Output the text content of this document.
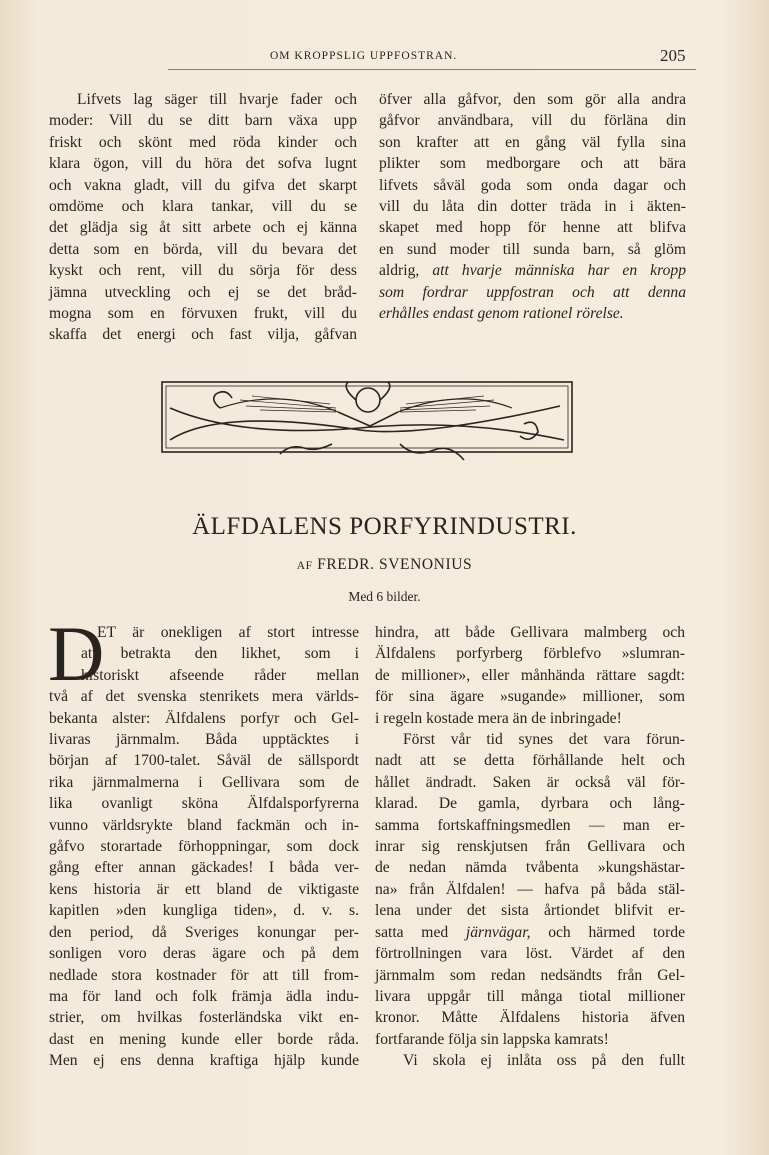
OM KROPPSLIG UPPFOSTRAN.	205
Lifvets lag säger till hvarje fader och
moder: Vill du se ditt barn växa upp
friskt och skönt med röda kinder och
klara ögon, vill du höra det sofva lugnt
och vakna gladt, vill du gifva det skarpt
omdöme och klara tankar, vill du se
det glädja sig åt sitt arbete och ej känna
detta som en börda, vill du bevara det
kyskt och rent, vill du sörja för dess
jämna utveckling och ej se det bråd-
mogna som en förvuxen frukt, vill du
skaffa det energi och fast vilja, gåfvan
öfver alla gåfvor, den som gör alla andra
gåfvor användbara, vill du förläna din
son krafter att en gång väl fylla sina
plikter som medborgare och att bära
lifvets såväl goda som onda dagar och
vill du låta din dotter träda in i äkten-
skapet med hopp för henne att blifva
en sund moder till sunda barn, så glöm
aldrig, att hvarje människa har en kropp
som fordrar uppfostran och att denna
erhålles endast genom rationel rörelse.
ÄLFDALENS PORFYRINDUSTRI.
AF FREDR. SVENONIUS
Med 6 bilder.
D
ET är onekligen af stort intresse
att betrakta den likhet, som i
historiskt afseende råder mellan
två af det svenska stenrikets mera världs-
bekanta alster: Älfdalens porfyr och Gel-
livaras järnmalm. Båda upptäcktes i
början af 1700-talet. Såväl de sällspordt
rika järnmalmerna i Gellivara som de
lika ovanligt sköna Älfdalsporfyrerna
vunno världsrykte bland fackmän och in-
gåfvo storartade förhoppningar, som dock
gång efter annan gäckades! I båda ver-
kens historia är ett bland de viktigaste
kapitlen »den kungliga tiden», d. v. s.
den period, då Sveriges konungar per-
sonligen voro deras ägare och på dem
nedlade stora kostnader för att till from-
ma för land och folk främja ädla indu-
strier, om hvilkas fosterländska vikt en-
dast en mening kunde eller borde råda.
Men ej ens denna kraftiga hjälp kunde
hindra, att både Gellivara malmberg och
Älfdalens porfyrberg förblefvo »slumran-
de millioner», eller månhända rättare sagdt:
för sina ägare »sugande» millioner, som
i regeln kostade mera än de inbringade!
Först vår tid synes det vara förun-
nadt att se detta förhållande helt och
hållet ändradt. Saken är också väl för-
klarad. De gamla, dyrbara och lång-
samma fortskaffningsmedlen — man er-
inrar sig renskjutsen från Gellivara och
de nedan nämda tvåbenta »kungshästar-
na» från Älfdalen! — hafva på båda stäl-
lena under det sista årtiondet blifvit er-
satta med järnvägar, och härmed torde
förtrollningen vara löst. Värdet af den
järnmalm som redan nedsändts från Gel-
livara uppgår till många tiotal millioner
kronor. Måtte Älfdalens historia äfven
fortfarande följa sin lappska kamrats!
Vi skola ej inlåta oss på den fullt
